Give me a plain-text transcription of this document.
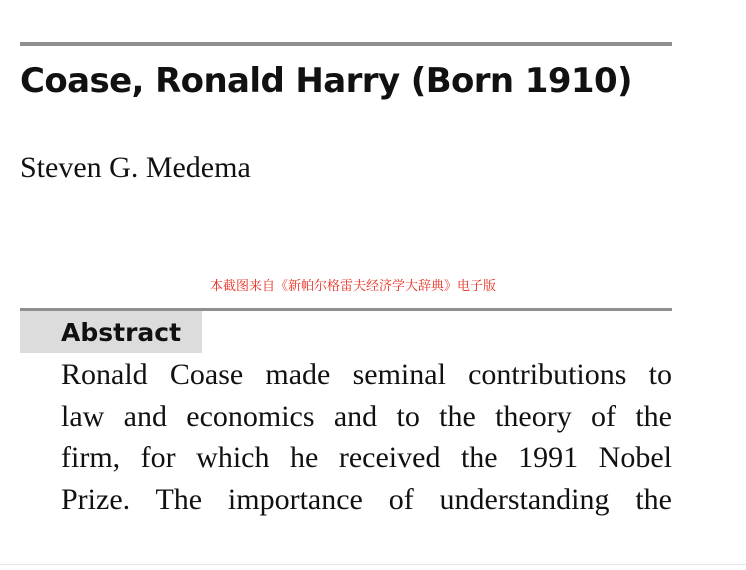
Coase, Ronald Harry (Born 1910)
Steven G. Medema
本截图来自《新帕尔格雷夫经济学大辞典》电子版
Abstract
Ronald Coase made seminal contributions to
law and economics and to the theory of the
firm, for which he received the 1991 Nobel
Prize. The importance of understanding the
